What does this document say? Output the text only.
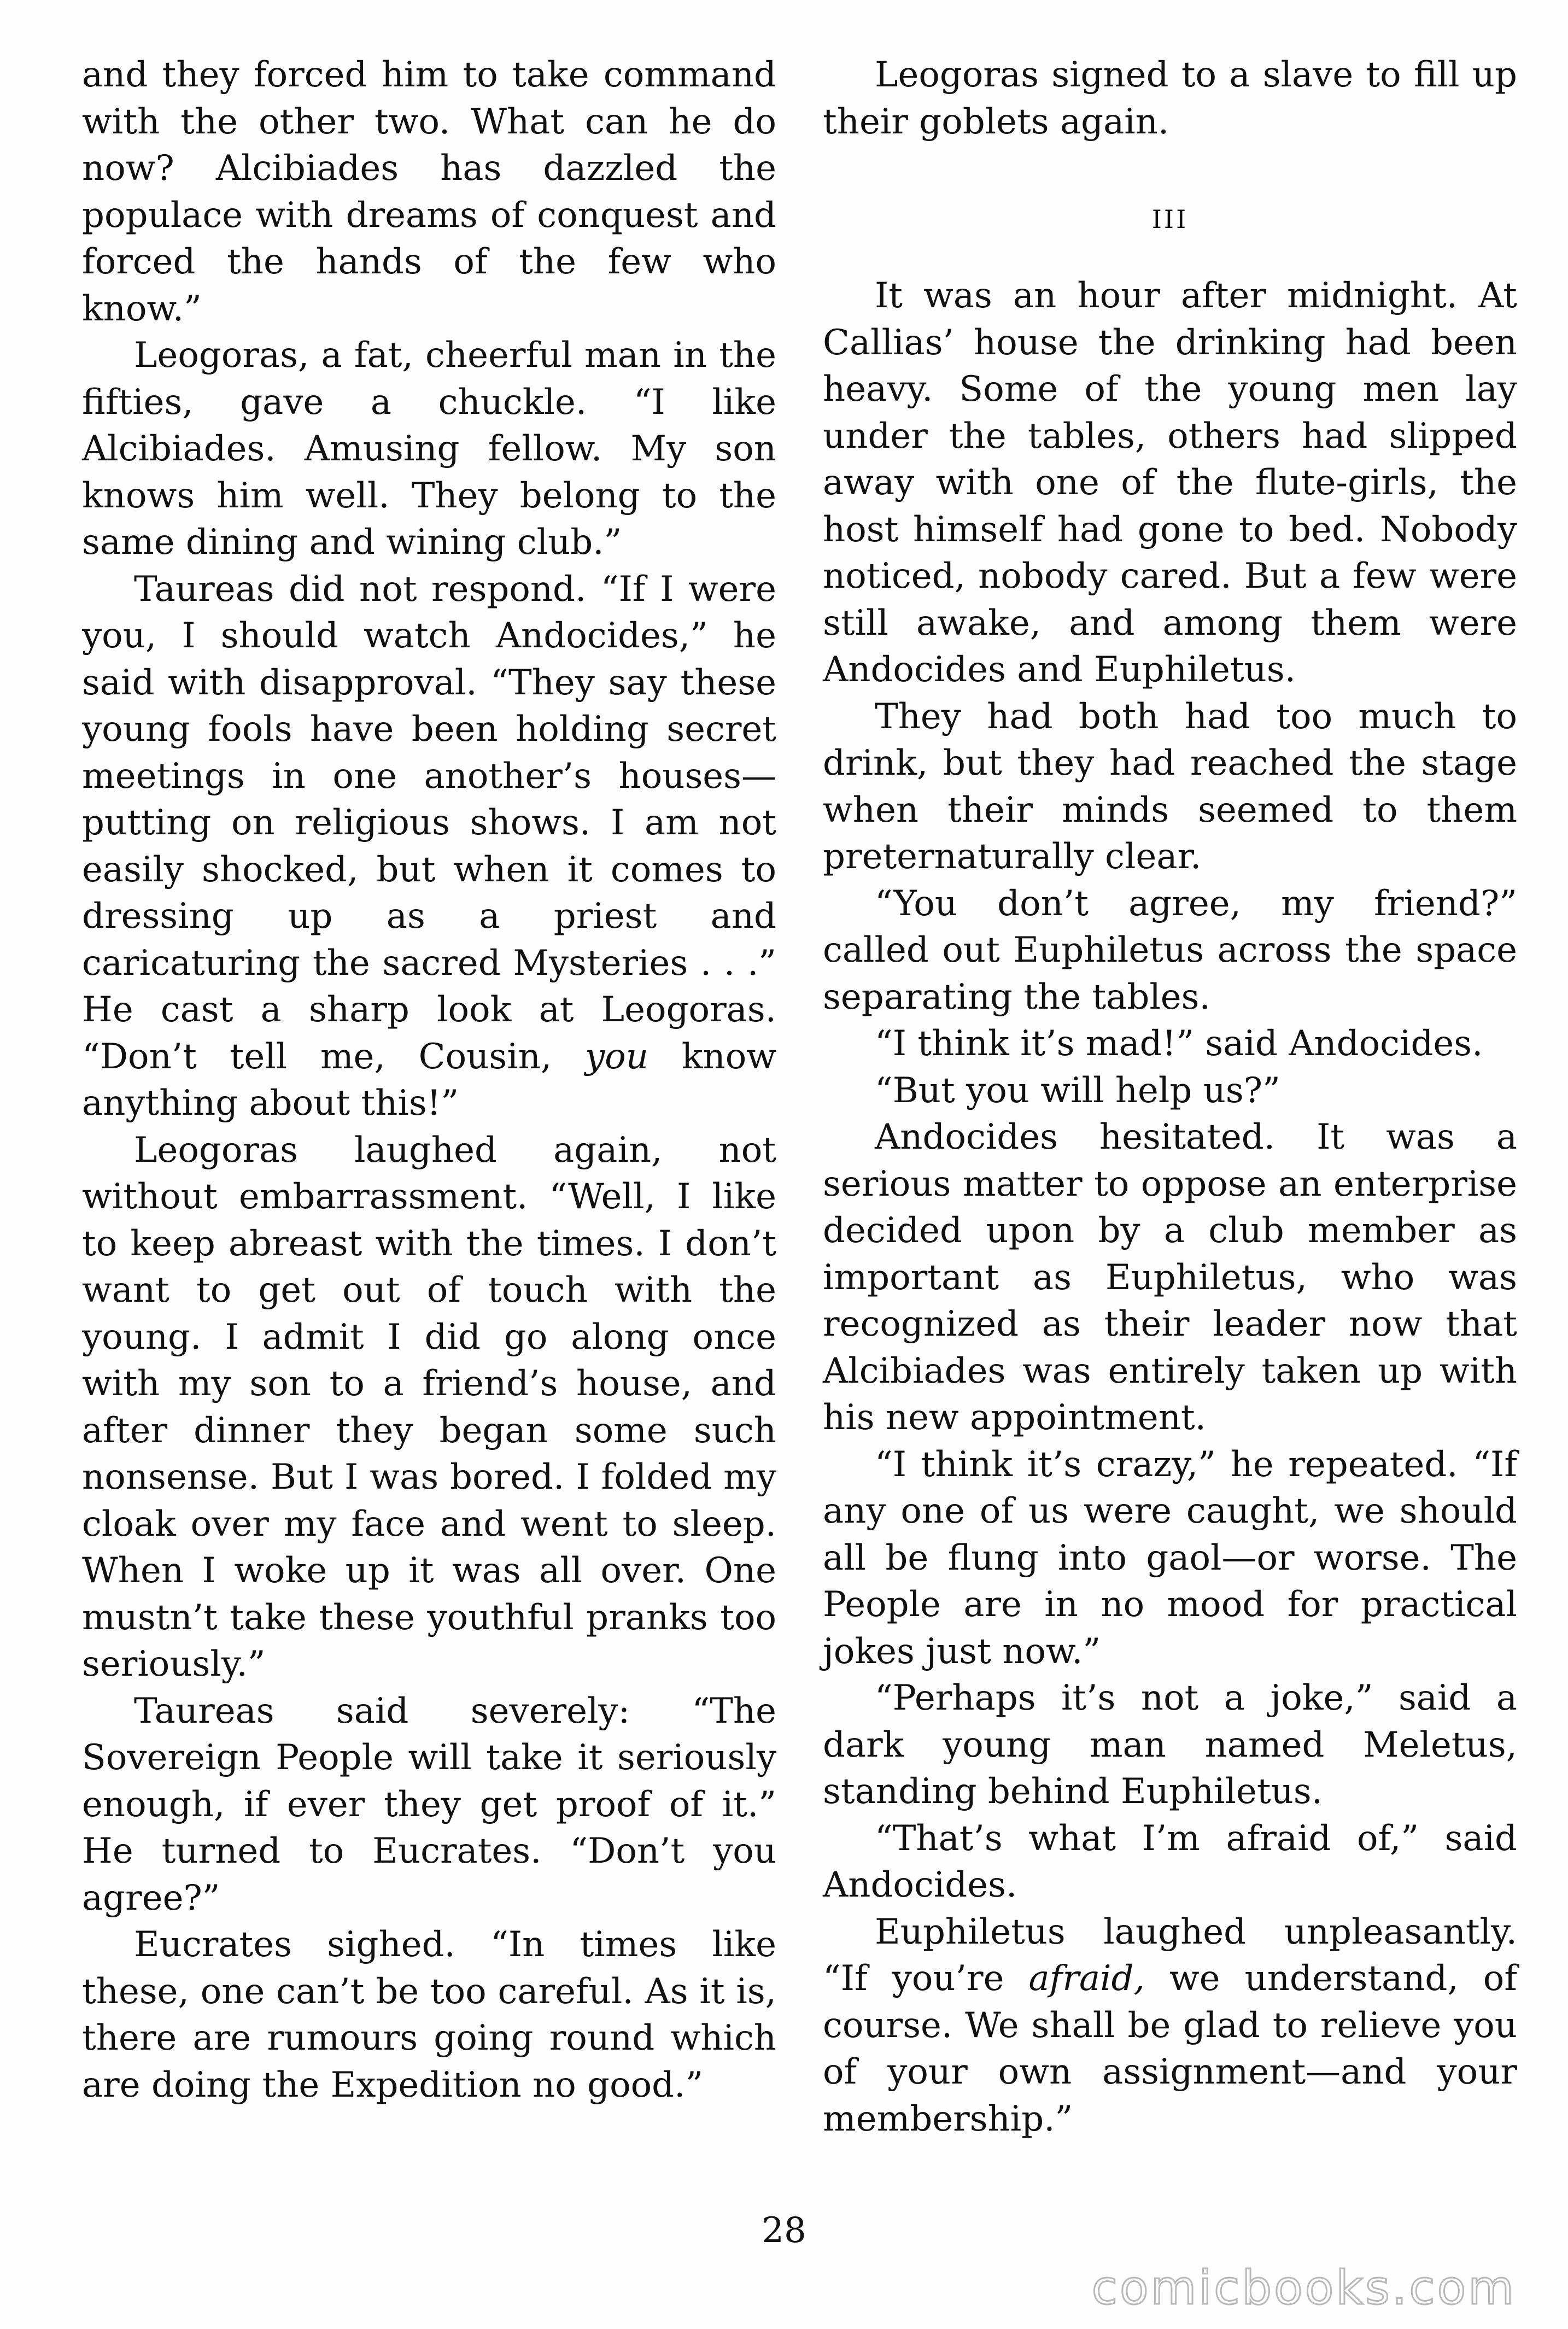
and they forced him to take command with the other two. What can he do now? Alcibiades has dazzled the populace with dreams of conquest and forced the hands of the few who know.”

Leogoras, a fat, cheerful man in the fifties, gave a chuckle. “I like Alcibiades. Amusing fellow. My son knows him well. They belong to the same dining and wining club.”

Taureas did not respond. “If I were you, I should watch Andocides,” he said with disapproval. “They say these young fools have been holding secret meetings in one another’s houses—putting on religious shows. I am not easily shocked, but when it comes to dressing up as a priest and caricaturing the sacred Mysteries . . .” He cast a sharp look at Leogoras. “Don’t tell me, Cousin, you know anything about this!”

Leogoras laughed again, not without embarrassment. “Well, I like to keep abreast with the times. I don’t want to get out of touch with the young. I admit I did go along once with my son to a friend’s house, and after dinner they began some such nonsense. But I was bored. I folded my cloak over my face and went to sleep. When I woke up it was all over. One mustn’t take these youthful pranks too seriously.”

Taureas said severely: “The Sovereign People will take it seriously enough, if ever they get proof of it.” He turned to Eucrates. “Don’t you agree?”

Eucrates sighed. “In times like these, one can’t be too careful. As it is, there are rumours going round which are doing the Expedition no good.”

Leogoras signed to a slave to fill up their goblets again.

III

It was an hour after midnight. At Callias’ house the drinking had been heavy. Some of the young men lay under the tables, others had slipped away with one of the flute-girls, the host himself had gone to bed. Nobody noticed, nobody cared. But a few were still awake, and among them were Andocides and Euphiletus.

They had both had too much to drink, but they had reached the stage when their minds seemed to them preternaturally clear.

“You don’t agree, my friend?” called out Euphiletus across the space separating the tables.

“I think it’s mad!” said Andocides.

“But you will help us?”

Andocides hesitated. It was a serious matter to oppose an enterprise decided upon by a club member as important as Euphiletus, who was recognized as their leader now that Alcibiades was entirely taken up with his new appointment.

“I think it’s crazy,” he repeated. “If any one of us were caught, we should all be flung into gaol—or worse. The People are in no mood for practical jokes just now.”

“Perhaps it’s not a joke,” said a dark young man named Meletus, standing behind Euphiletus.

“That’s what I’m afraid of,” said Andocides.

Euphiletus laughed unpleasantly. “If you’re afraid, we understand, of course. We shall be glad to relieve you of your own assignment—and your membership.”

28
comicbooks.com
